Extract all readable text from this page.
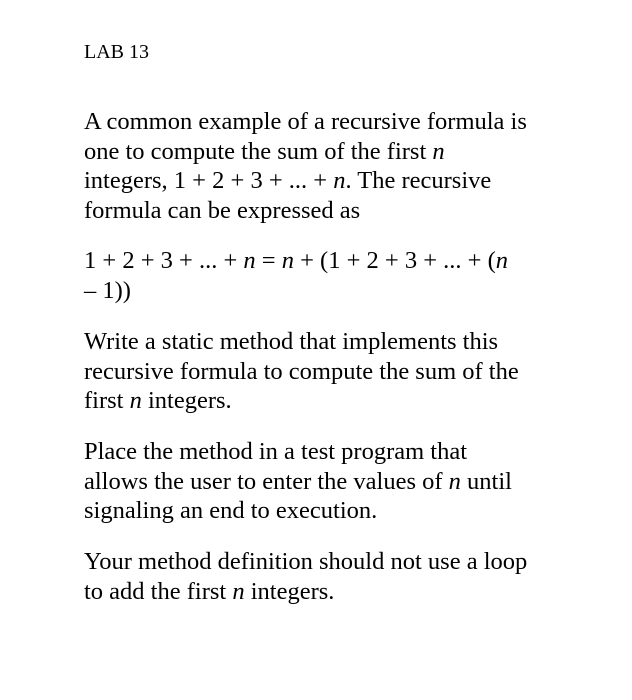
LAB 13

A common example of a recursive formula is
one to compute the sum of the first n
integers, 1 + 2 + 3 + ... + n. The recursive
formula can be expressed as

1 + 2 + 3 + ... + n = n + (1 + 2 + 3 + ... + (n
– 1))

Write a static method that implements this
recursive formula to compute the sum of the
first n integers.

Place the method in a test program that
allows the user to enter the values of n until
signaling an end to execution.

Your method definition should not use a loop
to add the first n integers.
